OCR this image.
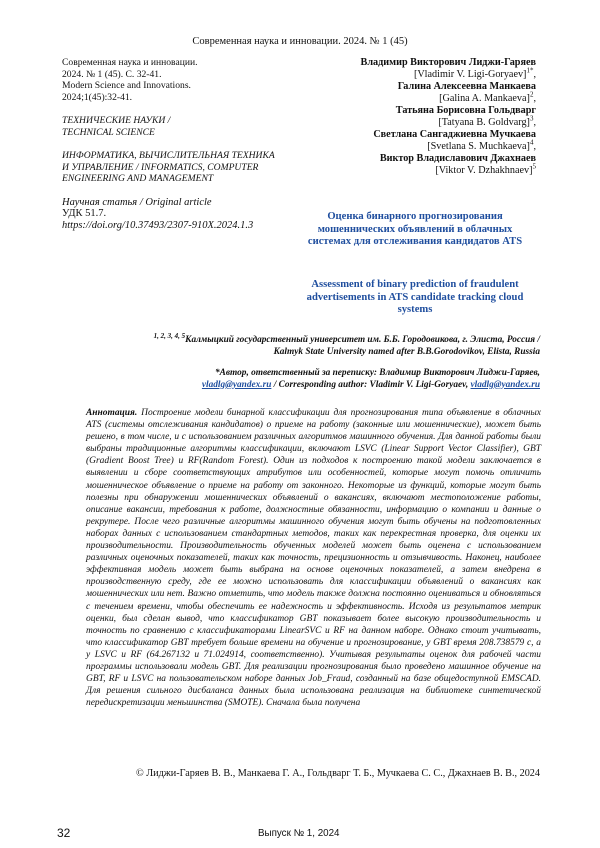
Современная наука и инновации. 2024. № 1 (45)

Современная наука и инновации.

2024. № 1 (45). С. 32-41.

Modern Science and Innovations.

2024;1(45):32-41.

ТЕХНИЧЕСКИЕ НАУКИ /

TECHNICAL SCIENCE

ИНФОРМАТИКА, ВЫЧИСЛИТЕЛЬНАЯ ТЕХНИКА

И УПРАВЛЕНИЕ / INFORMATICS, COMPUTER

ENGINEERING AND MANAGEMENT

Научная статья / Original article

УДК 51.7.

https://doi.org/10.37493/2307-910X.2024.1.3

Владимир Викторович Лиджи-Гаряев
[Vladimir V. Ligi-Goryaev]$^{1*}$,
Галина Алексеевна Манкаева
[Galina A. Mankaeva]$^2$,
Татьяна Борисовна Гольдварг
[Tatyana B. Goldvarg]$^3$,
Светлана Сангаджиевна Мучкаева
[Svetlana S. Muchkaeva]$^4$,
Виктор Владиславович Джахнаев
[Viktor V. Dzhakhnaev]$^5$
Оценка бинарного прогнозирования мошеннических объявлений в облачных системах для отслеживания кандидатов ATS
Assessment of binary prediction of fraudulent advertisements in ATS candidate tracking cloud systems
$^{1, 2, 3, 4, 5}$Калмыцкий государственный университет им. Б.Б. Городовикова, г. Элиста, Россия /
Kalmyk State University named after B.B.Gorodovikov, Elista, Russia
*Автор, ответственный за переписку: Владимир Викторович Лиджи-Гаряев,
vladlg@yandex.ru / Corresponding author: Vladimir V. Ligi-Goryaev, vladlg@yandex.ru

Аннотация. Построение модели бинарной классификации для прогнозирования типа объявление в облачных ATS (системы отслеживания кандидатов) о приеме на работу (законные или мошеннические), может быть решено, в том числе, и с использованием различных алгоритмов машинного обучения. Для данной работы были выбраны традиционные алгоритмы классификации, включают LSVC (Linear Support Vector Classifier), GBT (Gradient Boost Tree) и RF(Random Forest). Один из подходов к построению такой модели заключается в выявлении и сборе соответствующих атрибутов или особенностей, которые могут помочь отличить мошенническое объявление о приеме на работу от законного. Некоторые из функций, которые могут быть полезны при обнаружении мошеннических объявлений о вакансиях, включают местоположение работы, описание вакансии, требования к работе, должностные обязанности, информацию о компании и данные о рекрутере. После чего различные алгоритмы машинного обучения могут быть обучены на подготовленных наборах данных с использованием стандартных методов, таких как перекрестная проверка, для оценки их производительности. Производительность обученных моделей может быть оценена с использованием различных оценочных показателей, таких как точность, прецизионность и отзывчивость. Наконец, наиболее эффективная модель может быть выбрана на основе оценочных показателей, а затем внедрена в производственную среду, где ее можно использовать для классификации объявлений о вакансиях как мошеннических или нет. Важно отметить, что модель также должна постоянно оцениваться и обновляться с течением времени, чтобы обеспечить ее надежность и эффективность. Исходя из результатов метрик оценки, был сделан вывод, что классификатор GBT показывает более высокую производительность и точность по сравнению с классификаторами LinearSVC и RF на данном наборе. Однако стоит учитывать, что классификатор GBT требует больше времени на обучение и прогнозирование, у GBT время 208.738579 с, а у LSVC и RF (64.267132 и 71.024914, соответственно). Учитывая результаты оценок для рабочей части программы использовали модель GBT. Для реализации прогнозирования было проведено машинное обучение на GBT, RF и LSVC на пользовательском наборе данных Job_Fraud, созданный на базе общедоступной EMSCAD. Для решения сильного дисбаланса данных была использована реализация на библиотеке синтетической передискретизации меньшинства (SMOTE). Сначала была получена

© Лиджи-Гаряев В. В., Манкаева Г. А., Гольдварг Т. Б., Мучкаева С. С., Джахнаев В. В., 2024
32	Выпуск № 1, 2024
